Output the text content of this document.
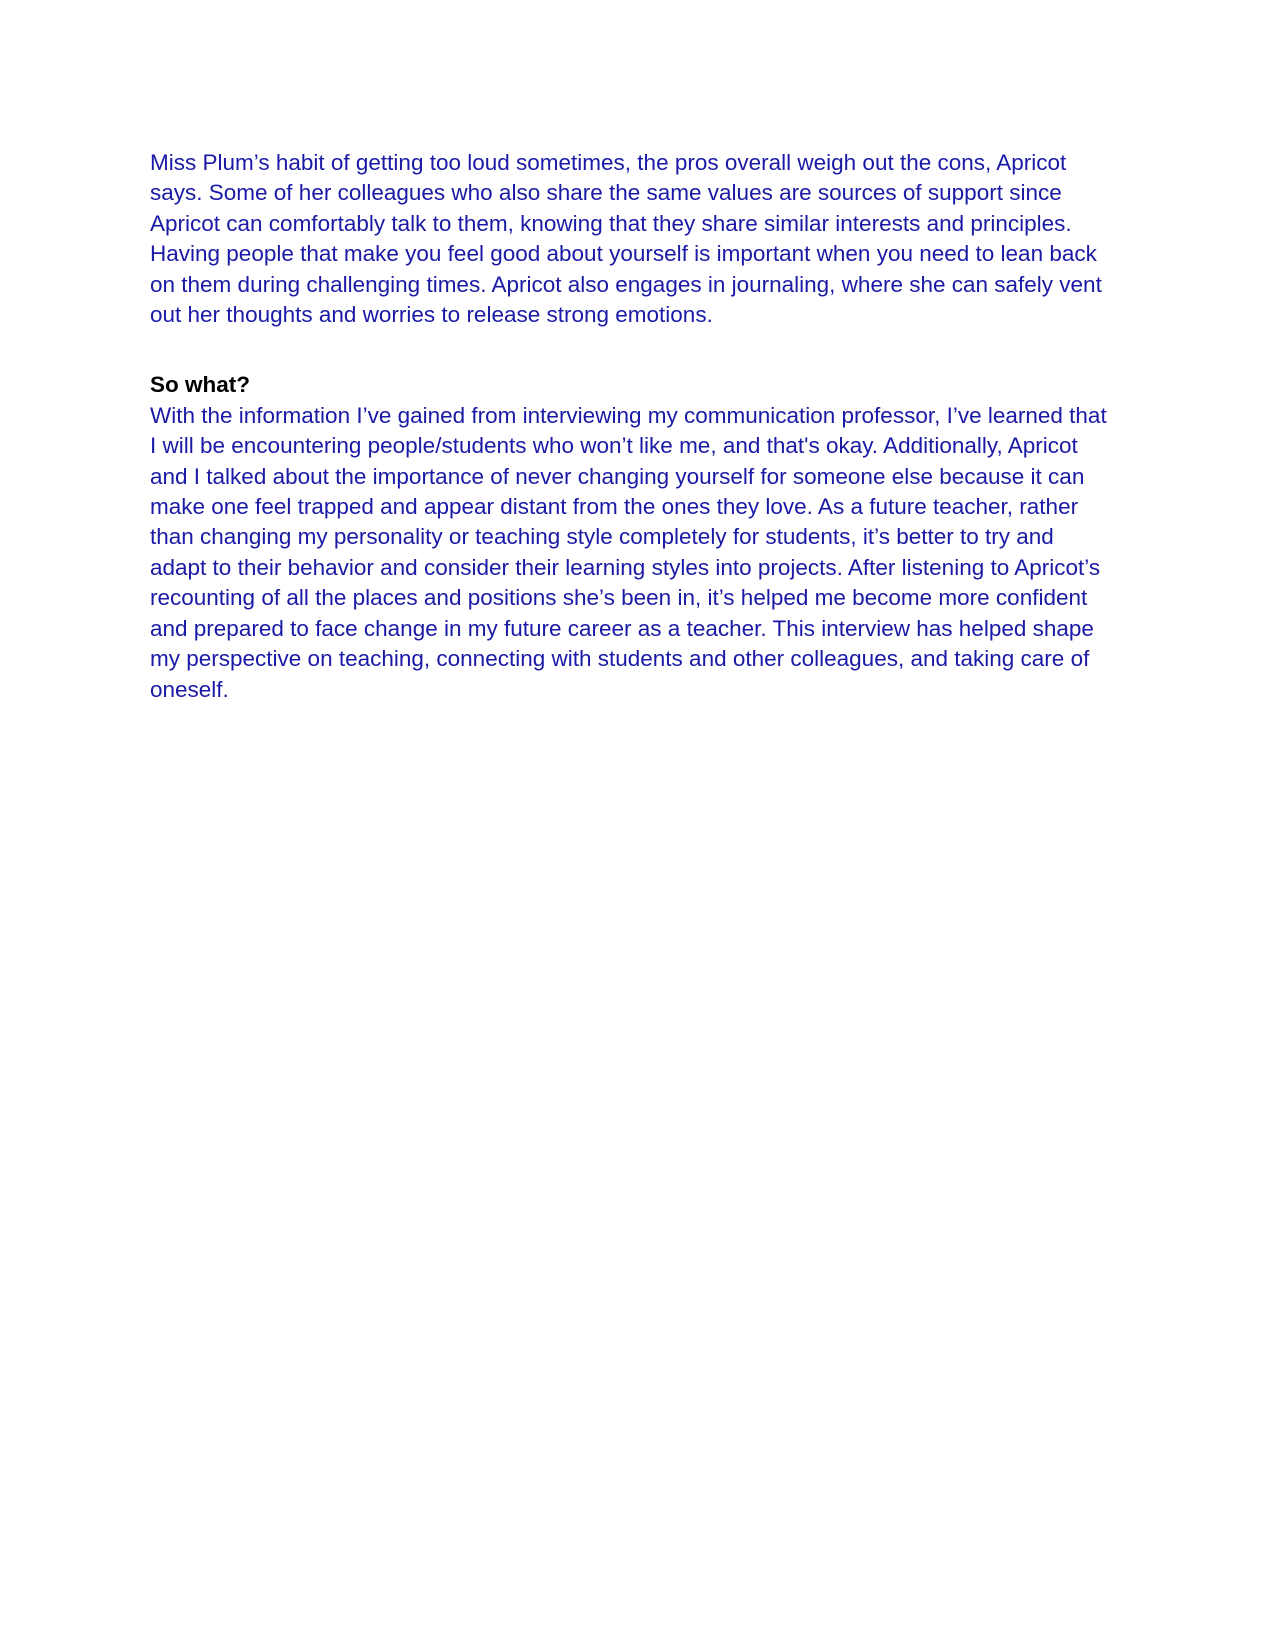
Miss Plum’s habit of getting too loud sometimes, the pros overall weigh out the cons, Apricot
says. Some of her colleagues who also share the same values are sources of support since
Apricot can comfortably talk to them, knowing that they share similar interests and principles.
Having people that make you feel good about yourself is important when you need to lean back
on them during challenging times. Apricot also engages in journaling, where she can safely vent
out her thoughts and worries to release strong emotions.
So what?
With the information I’ve gained from interviewing my communication professor, I’ve learned that
I will be encountering people/students who won’t like me, and that's okay. Additionally, Apricot
and I talked about the importance of never changing yourself for someone else because it can
make one feel trapped and appear distant from the ones they love. As a future teacher, rather
than changing my personality or teaching style completely for students, it’s better to try and
adapt to their behavior and consider their learning styles into projects. After listening to Apricot’s
recounting of all the places and positions she’s been in, it’s helped me become more confident
and prepared to face change in my future career as a teacher. This interview has helped shape
my perspective on teaching, connecting with students and other colleagues, and taking care of
oneself.
